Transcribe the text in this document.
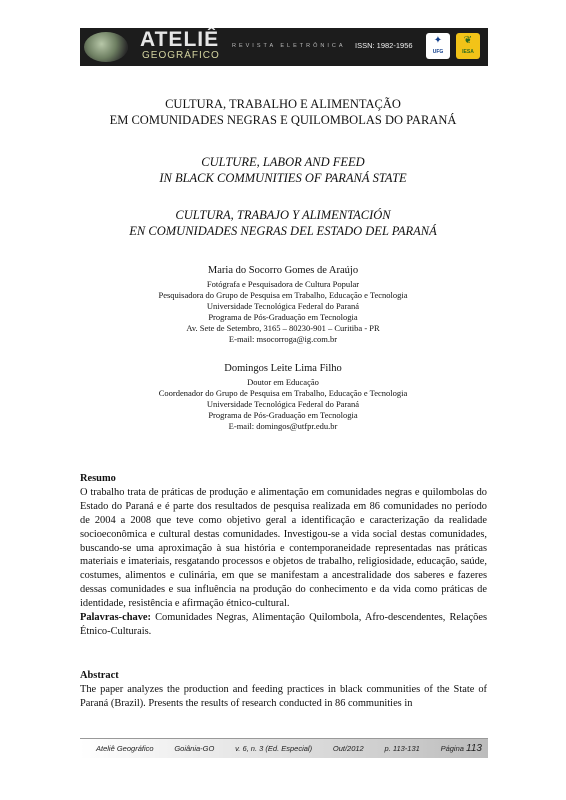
ATELIÊ
GEOGRÁFICO
REVISTA ELETRÔNICA ISSN: 1982-1956	✦
UFG
❦
IESA
CULTURA, TRABALHO E ALIMENTAÇÃO
EM COMUNIDADES NEGRAS E QUILOMBOLAS DO PARANÁ
CULTURE, LABOR AND FEED
IN BLACK COMMUNITIES OF PARANÁ STATE
CULTURA, TRABAJO Y ALIMENTACIÓN
EN COMUNIDADES NEGRAS DEL ESTADO DEL PARANÁ
Maria do Socorro Gomes de Araújo
Fotógrafa e Pesquisadora de Cultura Popular
Pesquisadora do Grupo de Pesquisa em Trabalho, Educação e Tecnologia
Universidade Tecnológica Federal do Paraná
Programa de Pós-Graduação em Tecnologia
Av. Sete de Setembro, 3165 – 80230-901 – Curitiba - PR
E-mail: msocorroga@ig.com.br
Domingos Leite Lima Filho
Doutor em Educação
Coordenador do Grupo de Pesquisa em Trabalho, Educação e Tecnologia
Universidade Tecnológica Federal do Paraná
Programa de Pós-Graduação em Tecnologia
E-mail: domingos@utfpr.edu.br
Resumo
O trabalho trata de práticas de produção e alimentação em comunidades negras e quilombolas do Estado do Paraná e é parte dos resultados de pesquisa realizada em 86 comunidades no período de 2004 a 2008 que teve como objetivo geral a identificação e caracterização da realidade socioeconômica e cultural destas comunidades. Investigou-se a vida social destas comunidades, buscando-se uma aproximação à sua história e contemporaneidade representadas nas práticas materiais e imateriais, resgatando processos e objetos de trabalho, religiosidade, educação, saúde, costumes, alimentos e culinária, em que se manifestam a ancestralidade dos saberes e fazeres dessas comunidades e sua influência na produção do conhecimento e da vida como práticas de identidade, resistência e afirmação étnico-cultural.
Palavras-chave: Comunidades Negras, Alimentação Quilombola, Afro-descendentes, Relações Étnico-Culturais.
Abstract
The paper analyzes the production and feeding practices in black communities of the State of Paraná (Brazil). Presents the results of research conducted in 86 communities in
Ateliê Geográfico	Goiânia-GO	v. 6, n. 3 (Ed. Especial)	Out/2012	p. 113-131	Página 113
